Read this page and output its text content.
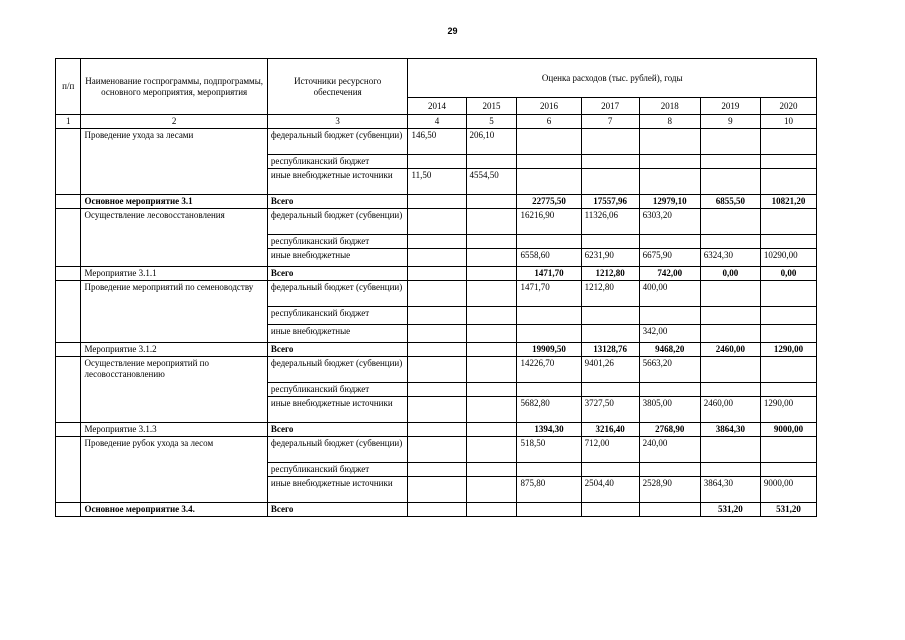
29
п/п	Наименование госпрограммы, подпрограммы, основного мероприятия, мероприятия	Источники ресурсного обеспечения	Оценка расходов (тыс. рублей), годы						
			2014	2015	2016	2017	2018	2019	2020
1	2	3	4	5	6	7	8	9	10
	Проведение ухода за лесами	федеральный бюджет (субвенции)	146,50	206,10					
		республиканский бюджет							
		иные внебюджетные источники	11,50	4554,50					
	Основное мероприятие 3.1	Всего			22775,50	17557,96	12979,10	6855,50	10821,20
	Осуществление лесовосстановления	федеральный бюджет (субвенции)			16216,90	11326,06	6303,20		
		республиканский бюджет							
		иные внебюджетные			6558,60	6231,90	6675,90	6324,30	10290,00
	Мероприятие 3.1.1	Всего			1471,70	1212,80	742,00	0,00	0,00
	Проведение мероприятий по семеноводству	федеральный бюджет (субвенции)			1471,70	1212,80	400,00		
		республиканский бюджет							
		иные внебюджетные					342,00		
	Мероприятие 3.1.2	Всего			19909,50	13128,76	9468,20	2460,00	1290,00
	Осуществление мероприятий по лесовосстановлению	федеральный бюджет (субвенции)			14226,70	9401,26	5663,20		
		республиканский бюджет							
		иные внебюджетные источники			5682,80	3727,50	3805,00	2460,00	1290,00
	Мероприятие 3.1.3	Всего			1394,30	3216,40	2768,90	3864,30	9000,00
	Проведение рубок ухода за лесом	федеральный бюджет (субвенции)			518,50	712,00	240,00		
		республиканский бюджет							
		иные внебюджетные источники			875,80	2504,40	2528,90	3864,30	9000,00
	Основное мероприятие 3.4.	Всего						531,20	531,20
